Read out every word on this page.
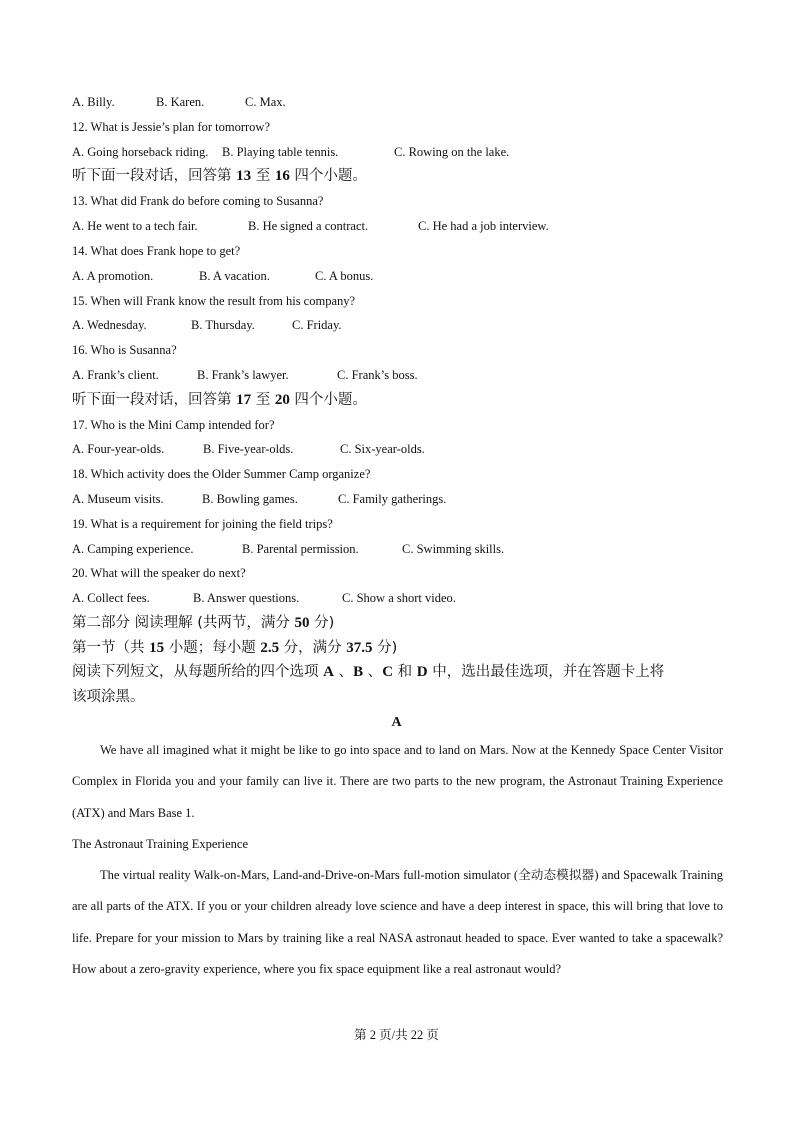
A. Billy.	B. Karen.	C. Max.
12. What is Jessie’s plan for tomorrow?
A. Going horseback riding. B. Playing table tennis.	C. Rowing on the lake.
听下面一段对话，回答第 13 至 16 四个小题。
13. What did Frank do before coming to Susanna?
A. He went to a tech fair.	B. He signed a contract.	C. He had a job interview.
14. What does Frank hope to get?
A. A promotion.	B. A vacation.	C. A bonus.
15. When will Frank know the result from his company?
A. Wednesday.	B. Thursday.	C. Friday.
16. Who is Susanna?
A. Frank’s client.	B. Frank’s lawyer.	C. Frank’s boss.
听下面一段对话，回答第 17 至 20 四个小题。
17. Who is the Mini Camp intended for?
A. Four-year-olds.	B. Five-year-olds.	C. Six-year-olds.
18. Which activity does the Older Summer Camp organize?
A. Museum visits.	B. Bowling games.	C. Family gatherings.
19. What is a requirement for joining the field trips?
A. Camping experience.	B. Parental permission.	C. Swimming skills.
20. What will the speaker do next?
A. Collect fees.	B. Answer questions.	C. Show a short video.
第二部分 阅读理解 (共两节，满分 50 分)
第一节（共 15 小题；每小题 2.5 分，满分 37.5 分)
阅读下列短文，从每题所给的四个选项 A 、B 、C 和 D 中，选出最佳选项，并在答题卡上将
该项涂黑。
A
We have all imagined what it might be like to go into space and to land on Mars. Now at the Kennedy Space Center Visitor Complex in Florida you and your family can live it. There are two parts to the new program, the Astronaut Training Experience (ATX) and Mars Base 1.
The Astronaut Training Experience
The virtual reality Walk-on-Mars, Land-and-Drive-on-Mars full-motion simulator (全动态模拟器) and Spacewalk Training are all parts of the ATX. If you or your children already love science and have a deep interest in space, this will bring that love to life. Prepare for your mission to Mars by training like a real NASA astronaut headed to space. Ever wanted to take a spacewalk? How about a zero-gravity experience, where you fix space equipment like a real astronaut would?
第 2 页/共 22 页
